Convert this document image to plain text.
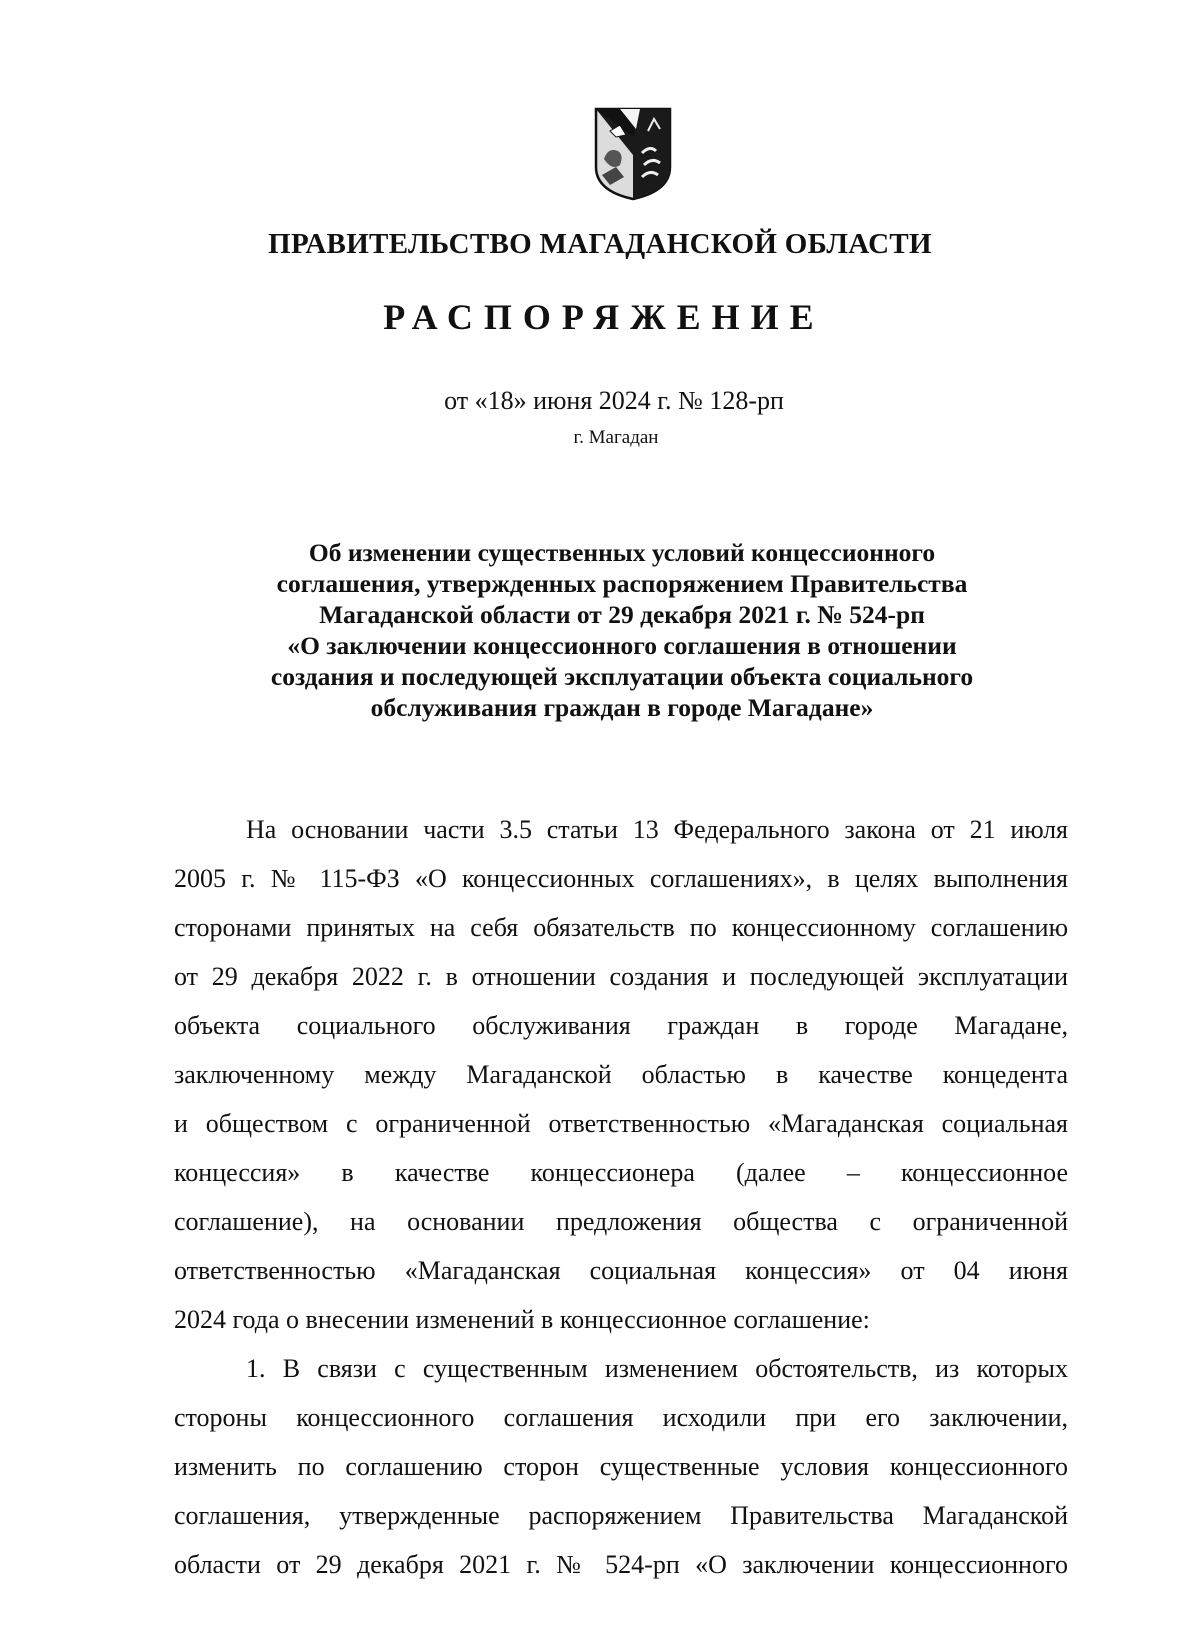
ПРАВИТЕЛЬСТВО МАГАДАНСКОЙ ОБЛАСТИ
РАСПОРЯЖЕНИЕ
от «18» июня 2024 г. № 128-рп
г. Магадан
Об изменении существенных условий концессионного
соглашения, утвержденных распоряжением Правительства
Магаданской области от 29 декабря 2021 г. № 524-рп
«О заключении концессионного соглашения в отношении
создания и последующей эксплуатации объекта социального
обслуживания граждан в городе Магадане»
На основании части 3.5 статьи 13 Федерального закона от 21 июля
2005 г. № 115-ФЗ «О концессионных соглашениях», в целях выполнения
сторонами принятых на себя обязательств по концессионному соглашению
от 29 декабря 2022 г. в отношении создания и последующей эксплуатации
объекта социального обслуживания граждан в городе Магадане,
заключенному между Магаданской областью в качестве концедента
и обществом с ограниченной ответственностью «Магаданская социальная
концессия» в качестве концессионера (далее – концессионное
соглашение), на основании предложения общества с ограниченной
ответственностью «Магаданская социальная концессия» от 04 июня
2024 года о внесении изменений в концессионное соглашение:
1. В связи с существенным изменением обстоятельств, из которых
стороны концессионного соглашения исходили при его заключении,
изменить по соглашению сторон существенные условия концессионного
соглашения, утвержденные распоряжением Правительства Магаданской
области от 29 декабря 2021 г. № 524-рп «О заключении концессионного
